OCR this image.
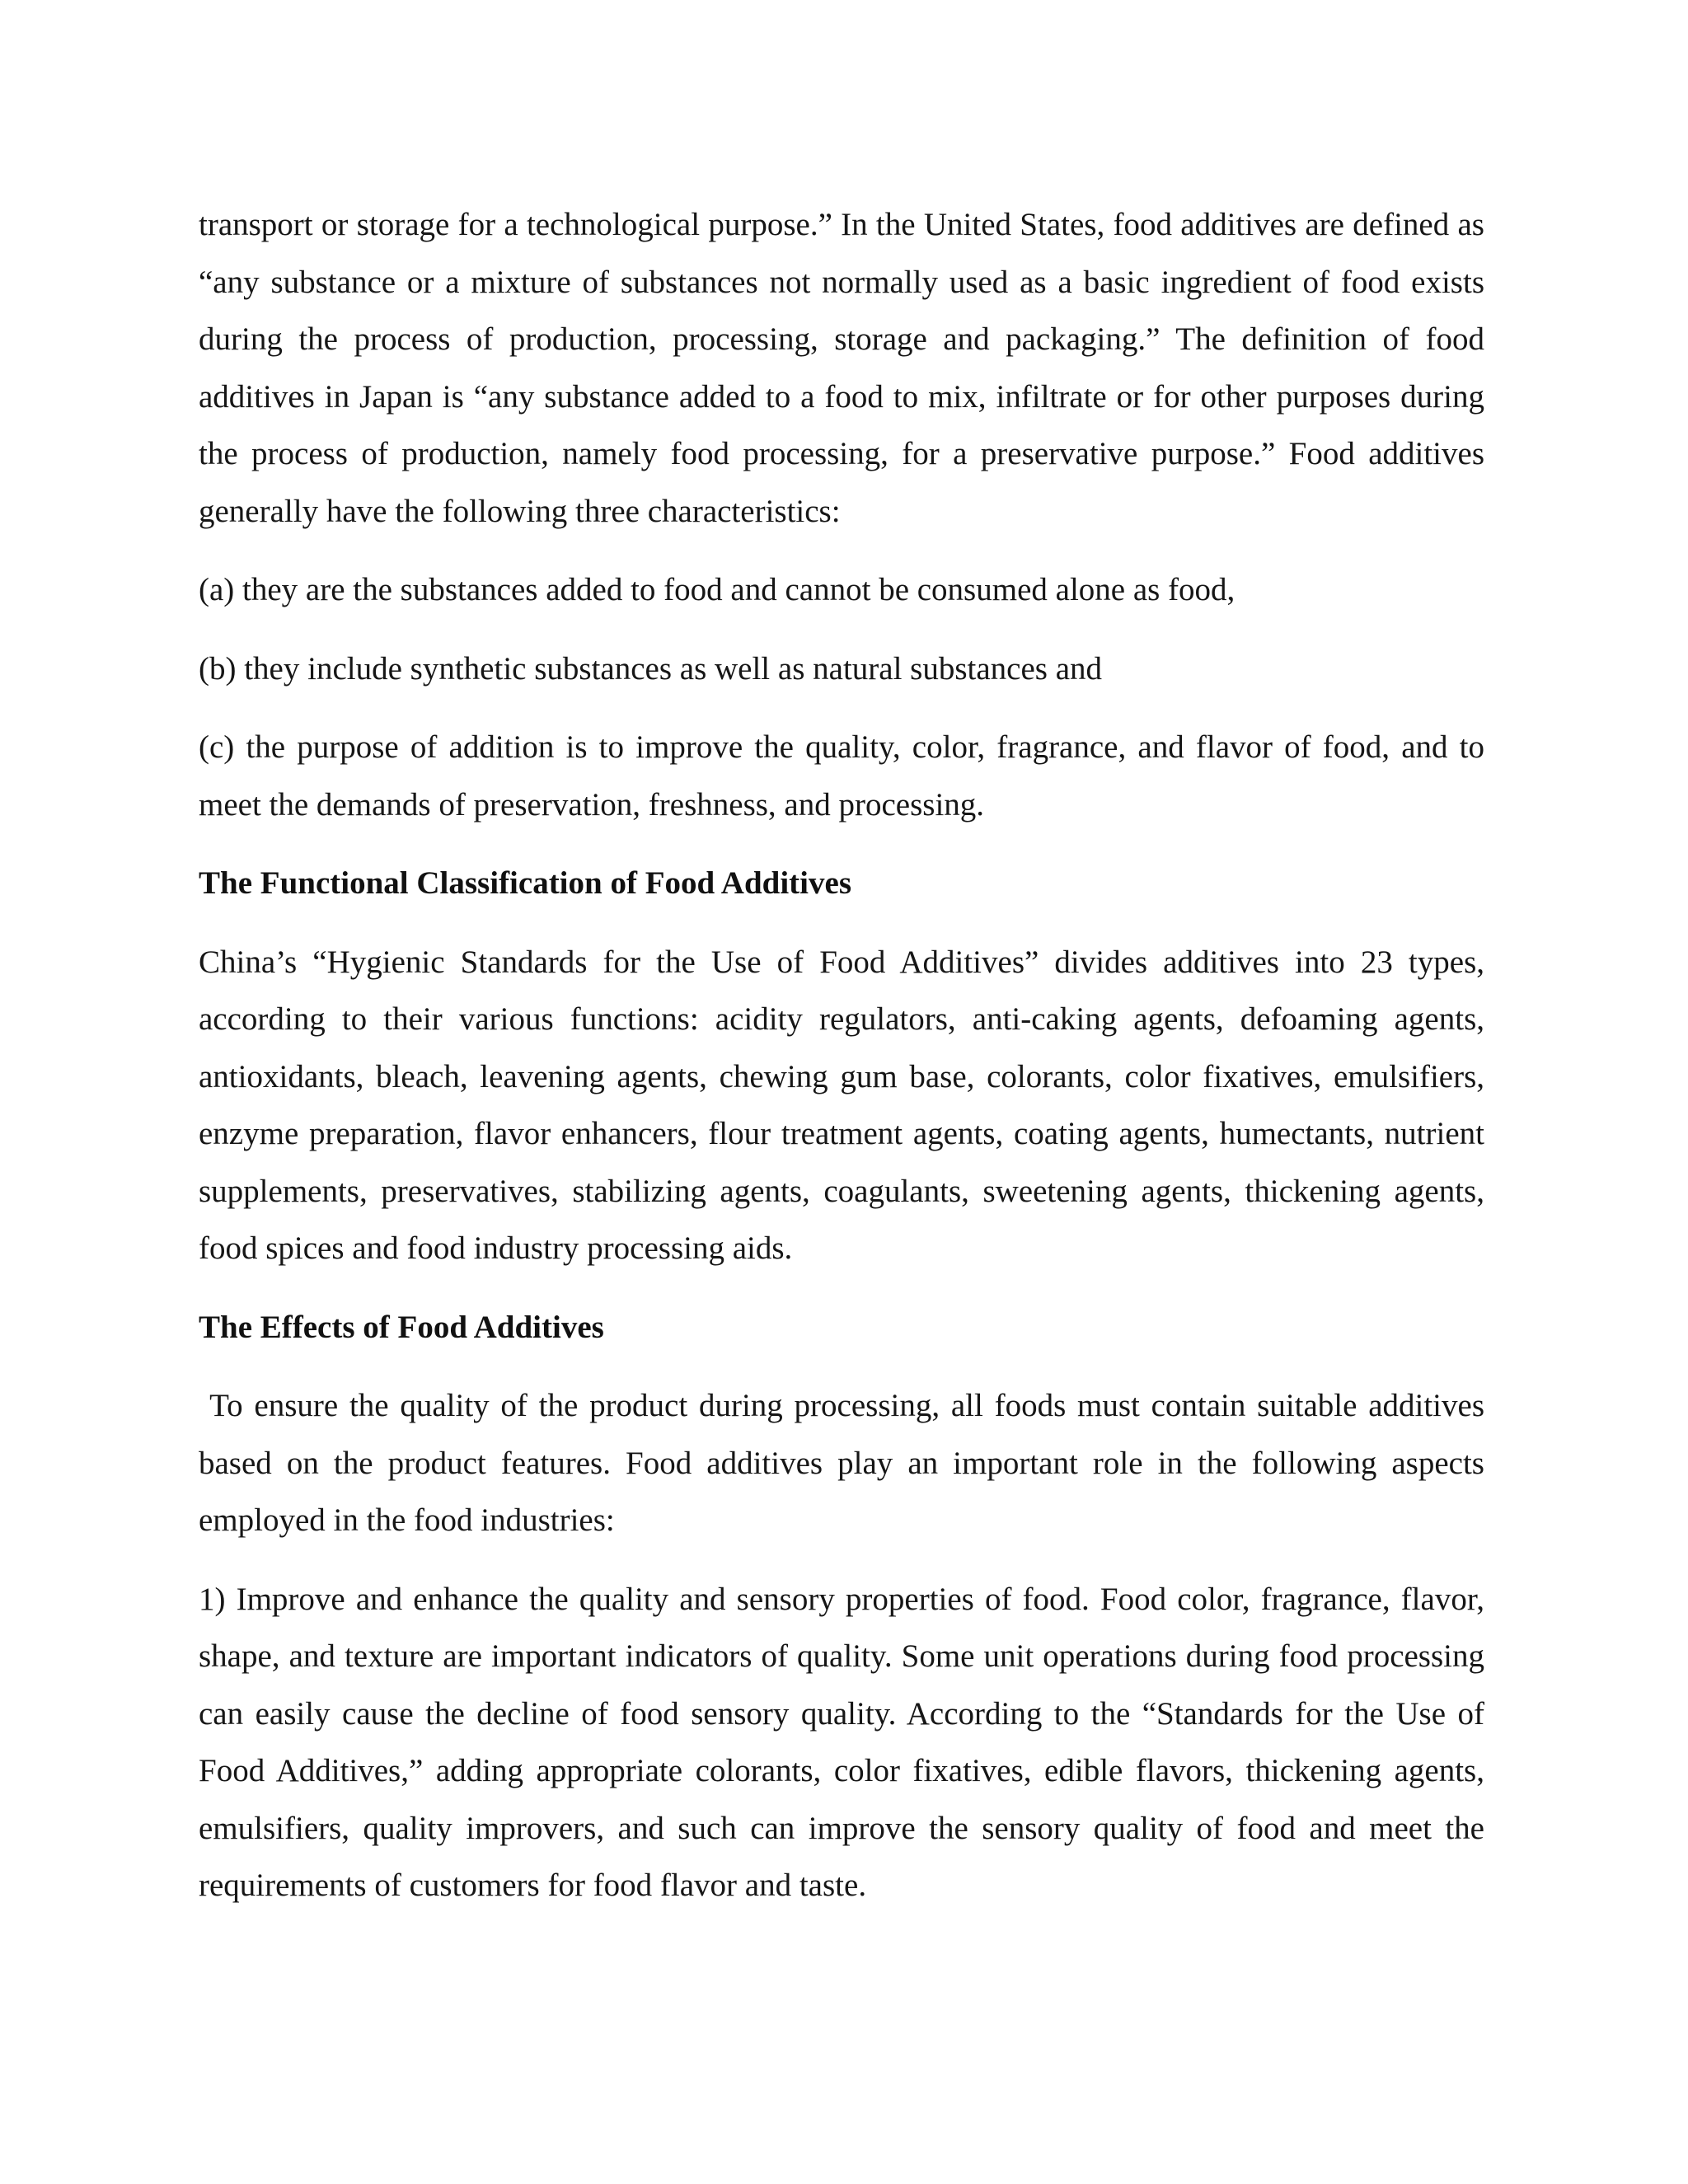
transport or storage for a technological purpose.” In the United States, food additives are defined as “any substance or a mixture of substances not normally used as a basic ingredient of food exists during the process of production, processing, storage and packaging.” The definition of food additives in Japan is “any substance added to a food to mix, infiltrate or for other purposes during the process of production, namely food processing, for a preservative purpose.” Food additives generally have the following three characteristics:

(a) they are the substances added to food and cannot be consumed alone as food,

(b) they include synthetic substances as well as natural substances and

(c) the purpose of addition is to improve the quality, color, fragrance, and flavor of food, and to meet the demands of preservation, freshness, and processing.

The Functional Classification of Food Additives

China’s “Hygienic Standards for the Use of Food Additives” divides additives into 23 types, according to their various functions: acidity regulators, anti-caking agents, defoaming agents, antioxidants, bleach, leavening agents, chewing gum base, colorants, color fixatives, emulsifiers, enzyme preparation, flavor enhancers, flour treatment agents, coating agents, humectants, nutrient supplements, preservatives, stabilizing agents, coagulants, sweetening agents, thickening agents, food spices and food industry processing aids.

The Effects of Food Additives

To ensure the quality of the product during processing, all foods must contain suitable additives based on the product features. Food additives play an important role in the following aspects employed in the food industries:

1) Improve and enhance the quality and sensory properties of food. Food color, fragrance, flavor, shape, and texture are important indicators of quality. Some unit operations during food processing can easily cause the decline of food sensory quality. According to the “Standards for the Use of Food Additives,” adding appropriate colorants, color fixatives, edible flavors, thickening agents, emulsifiers, quality improvers, and such can improve the sensory quality of food and meet the requirements of customers for food flavor and taste.
